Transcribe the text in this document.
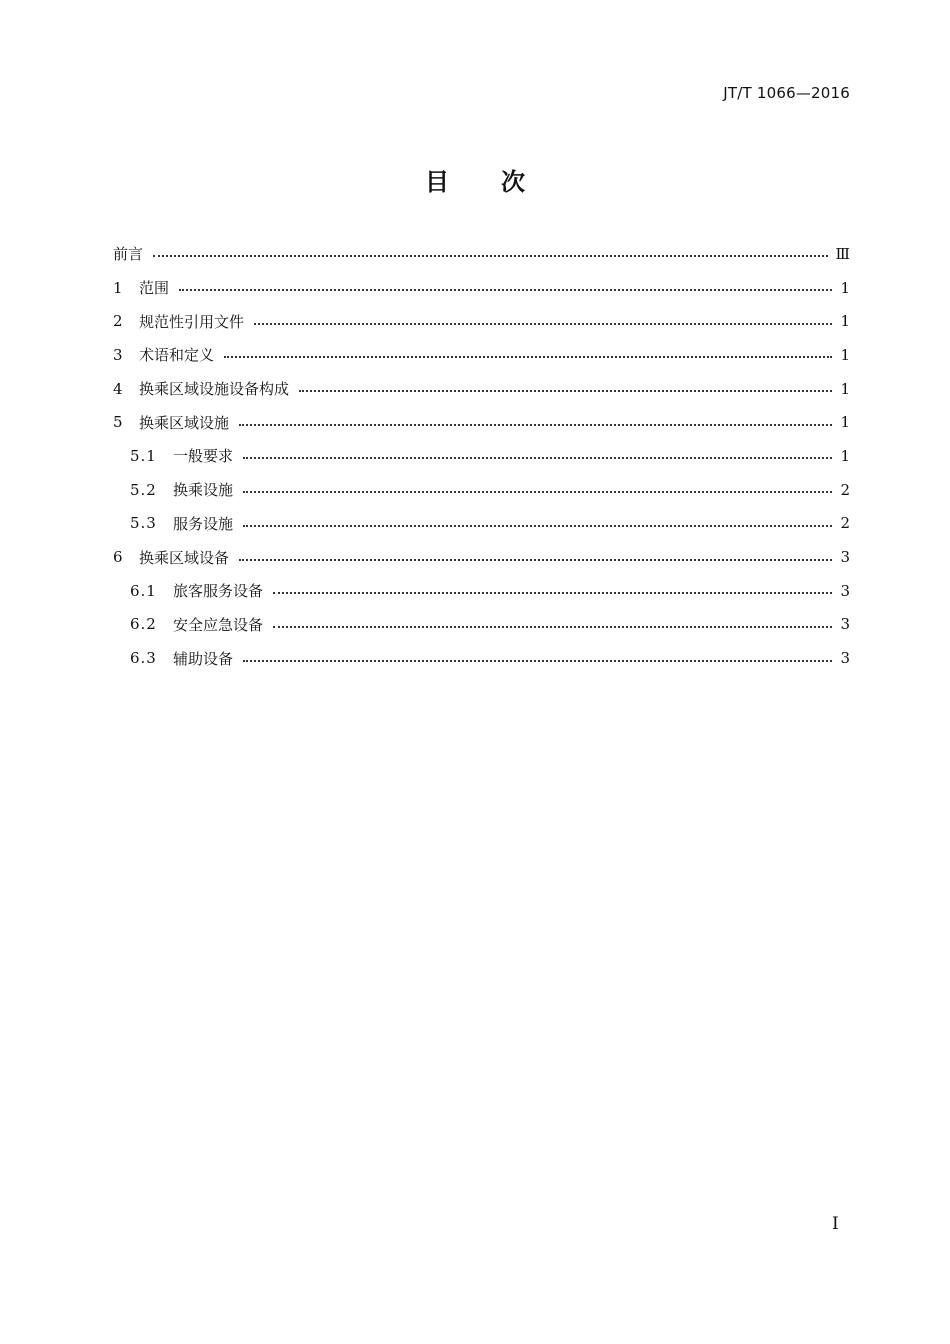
JT/T 1066—2016
目次
前言	Ⅲ
1	范围	1
2	规范性引用文件	1
3	术语和定义	1
4	换乘区域设施设备构成	1
5	换乘区域设施	1
5.1	一般要求	1
5.2	换乘设施	2
5.3	服务设施	2
6	换乘区域设备	3
6.1	旅客服务设备	3
6.2	安全应急设备	3
6.3	辅助设备	3
I
